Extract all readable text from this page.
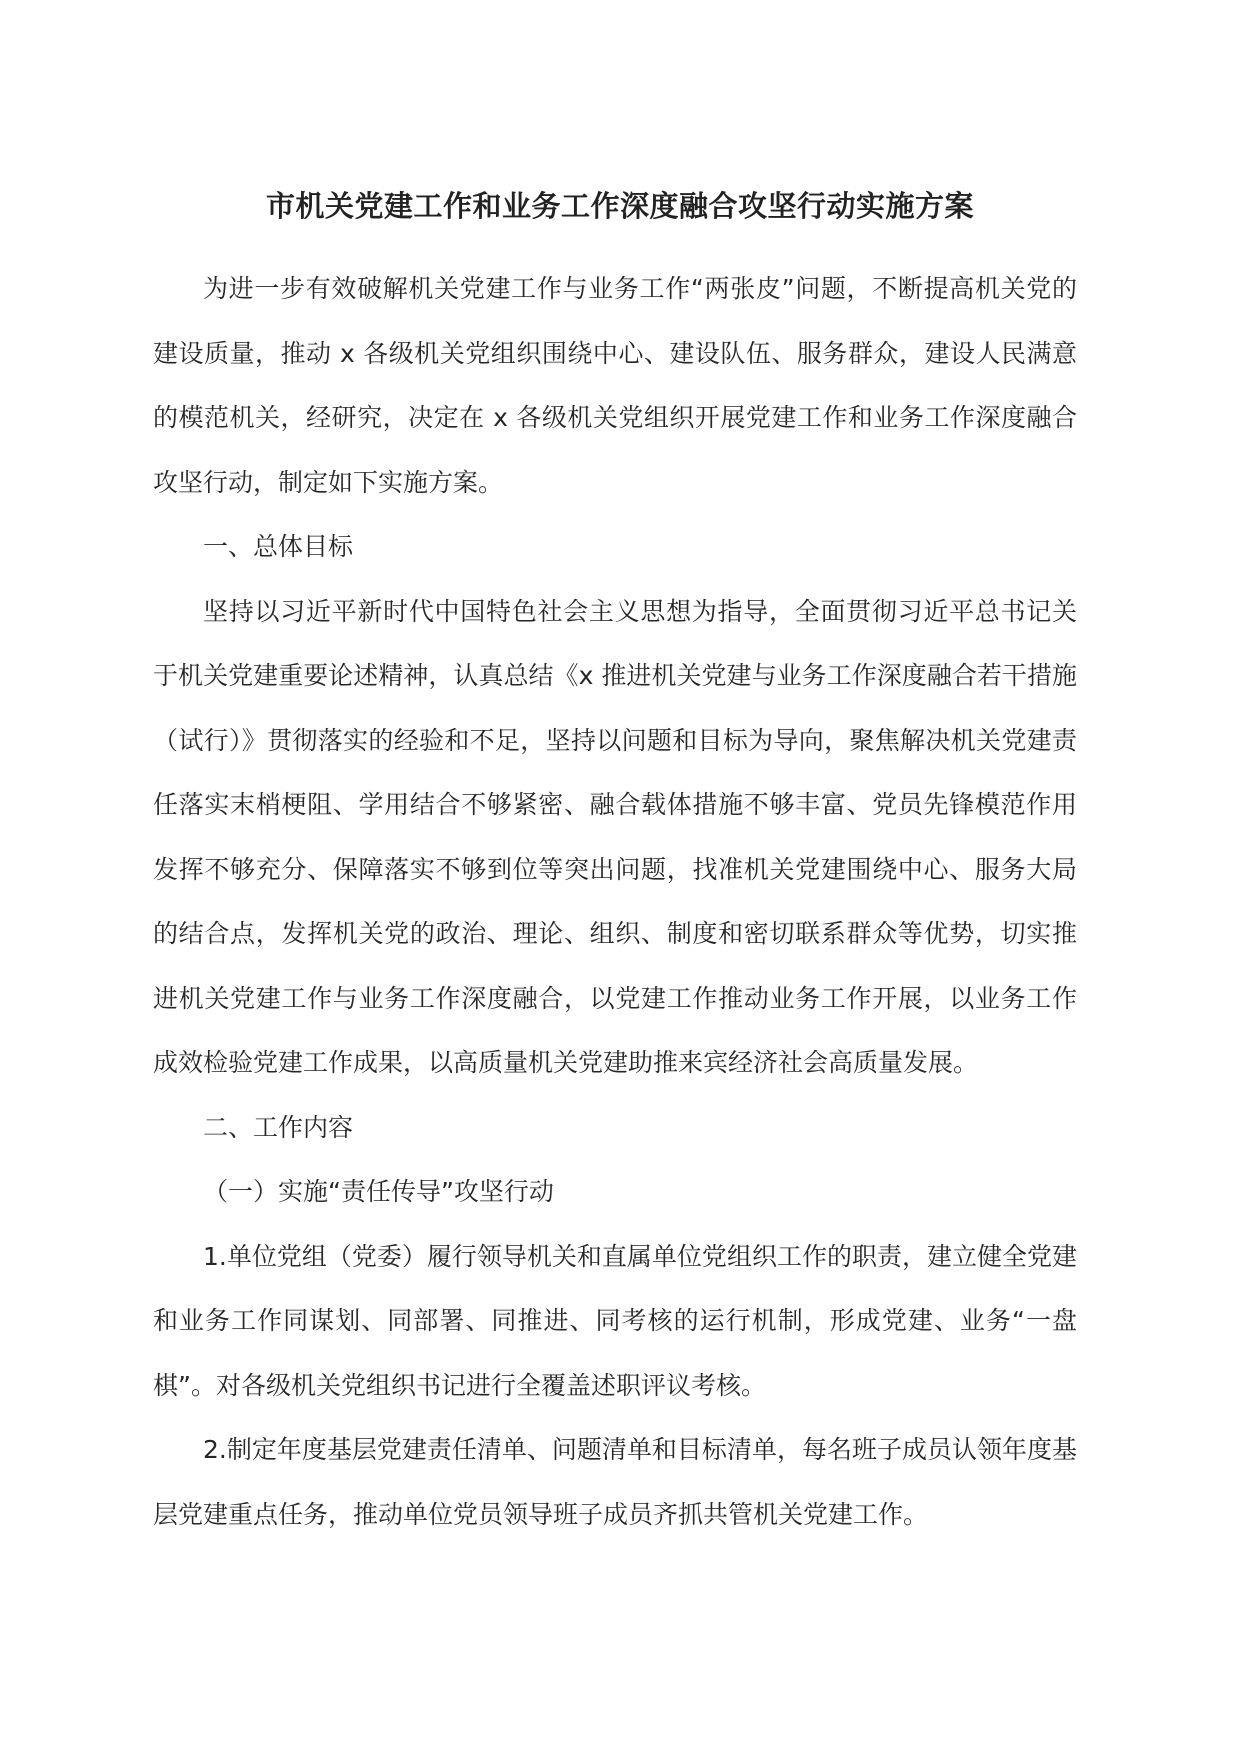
市机关党建工作和业务工作深度融合攻坚行动实施方案

为进一步有效破解机关党建工作与业务工作“两张皮”问题，不断提高机关党的建设质量，推动 x 各级机关党组织围绕中心、建设队伍、服务群众，建设人民满意的模范机关，经研究，决定在 x 各级机关党组织开展党建工作和业务工作深度融合攻坚行动，制定如下实施方案。

一、总体目标

坚持以习近平新时代中国特色社会主义思想为指导，全面贯彻习近平总书记关于机关党建重要论述精神，认真总结《x 推进机关党建与业务工作深度融合若干措施（试行）》贯彻落实的经验和不足，坚持以问题和目标为导向，聚焦解决机关党建责任落实末梢梗阻、学用结合不够紧密、融合载体措施不够丰富、党员先锋模范作用发挥不够充分、保障落实不够到位等突出问题，找准机关党建围绕中心、服务大局的结合点，发挥机关党的政治、理论、组织、制度和密切联系群众等优势，切实推进机关党建工作与业务工作深度融合，以党建工作推动业务工作开展，以业务工作成效检验党建工作成果，以高质量机关党建助推来宾经济社会高质量发展。

二、工作内容

（一）实施“责任传导”攻坚行动

1.单位党组（党委）履行领导机关和直属单位党组织工作的职责，建立健全党建和业务工作同谋划、同部署、同推进、同考核的运行机制，形成党建、业务“一盘棋”。对各级机关党组织书记进行全覆盖述职评议考核。

2.制定年度基层党建责任清单、问题清单和目标清单，每名班子成员认领年度基层党建重点任务，推动单位党员领导班子成员齐抓共管机关党建工作。
